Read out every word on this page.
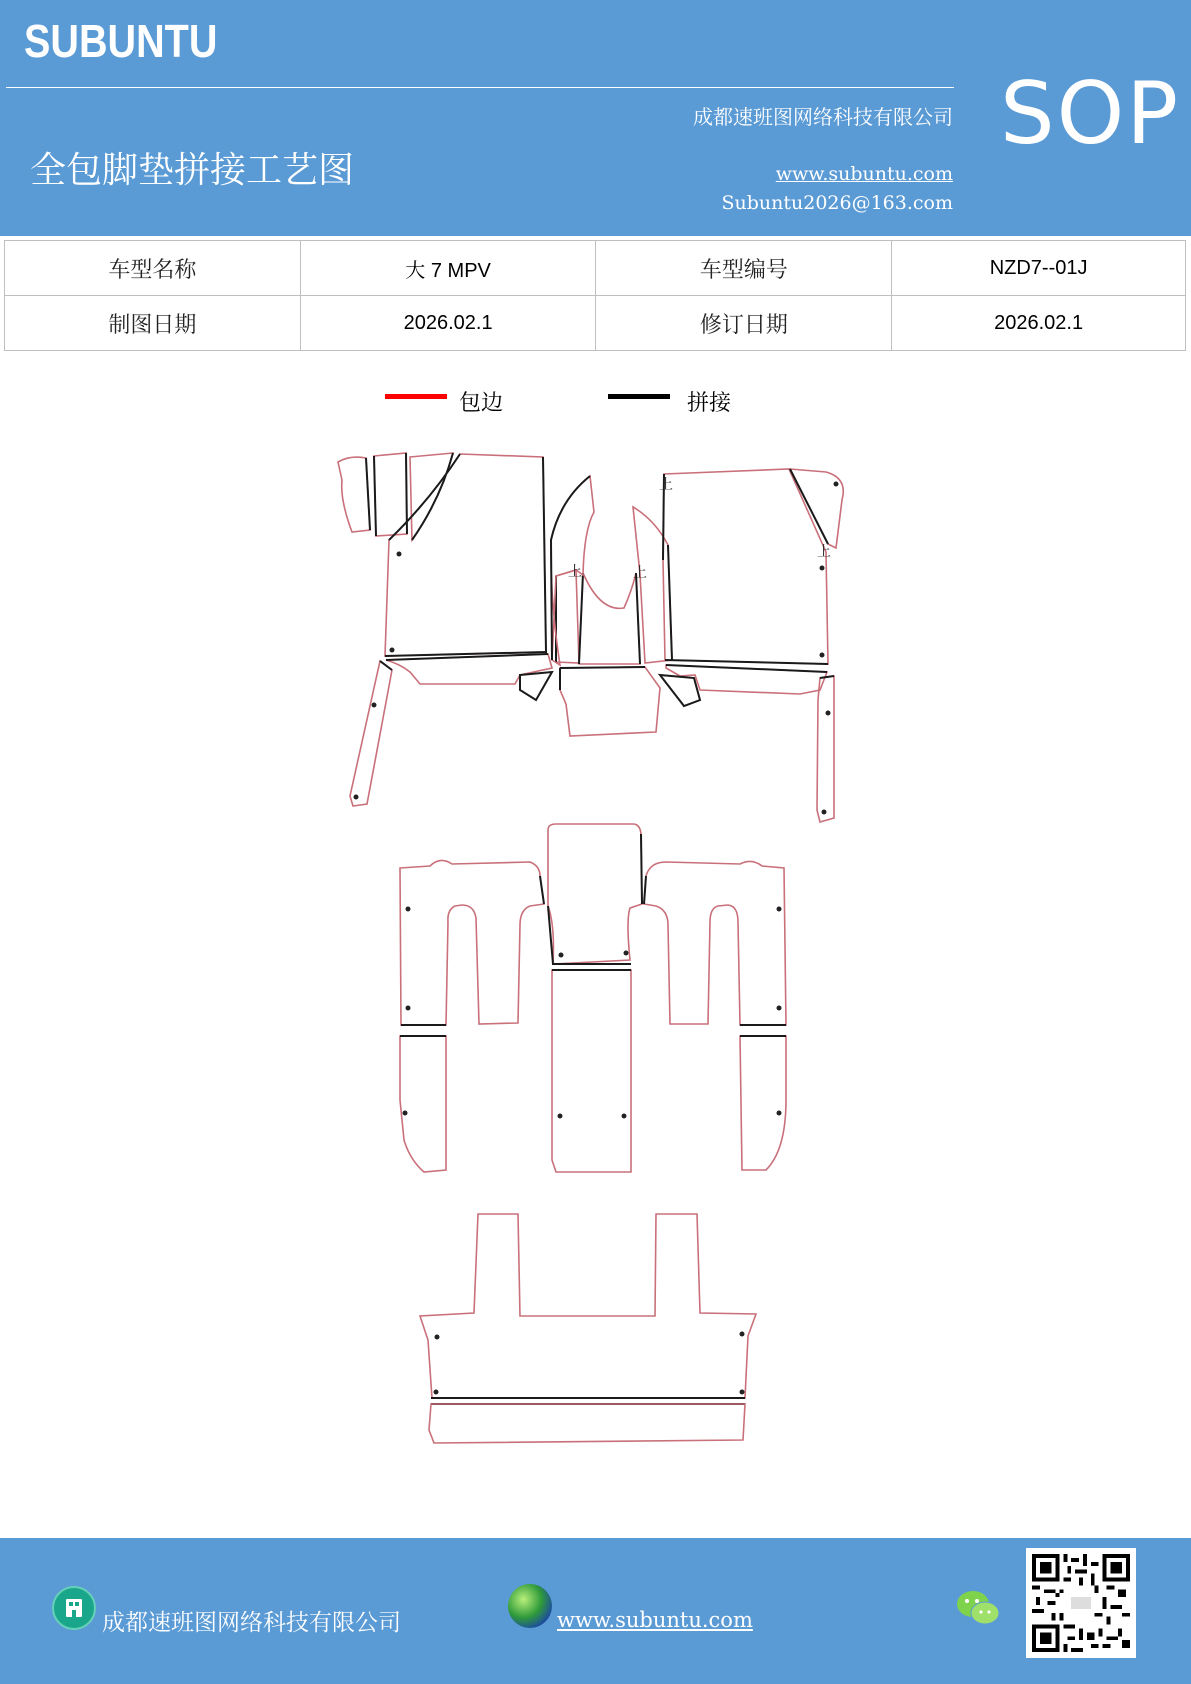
SUBUNTU
成都速班图网络科技有限公司
全包脚垫拼接工艺图	www.subuntu.com
Subuntu2026@163.com
SOP
车型名称	大 7 MPV	车型编号	NZD7--01J
制图日期	2026.02.1	修订日期	2026.02.1
包边	拼接
上	上
上
上
成都速班图网络科技有限公司	www.subuntu.com
